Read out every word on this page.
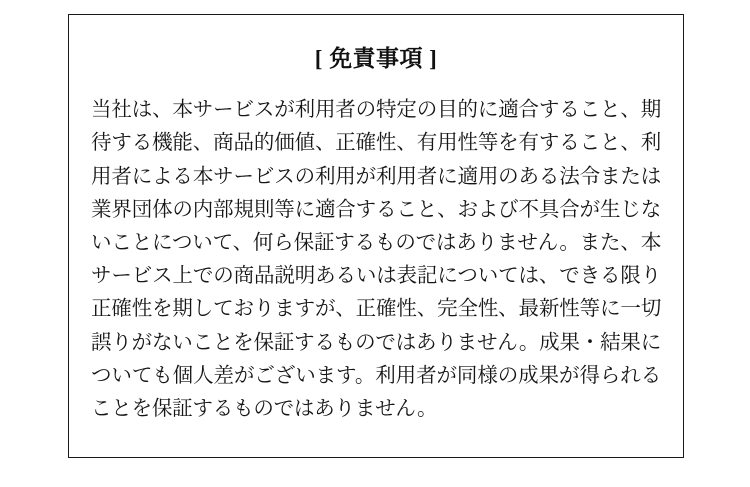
[ 免責事項 ]

当社は、本サービスが利用者の特定の目的に適合すること、期待する機能、商品的価値、正確性、有用性等を有すること、利用者による本サービスの利用が利用者に適用のある法令または業界団体の内部規則等に適合すること、および不具合が生じないことについて、何ら保証するものではありません。また、本サービス上での商品説明あるいは表記については、できる限り正確性を期しておりますが、正確性、完全性、最新性等に一切誤りがないことを保証するものではありません。成果・結果についても個人差がございます。利用者が同様の成果が得られることを保証するものではありません。
